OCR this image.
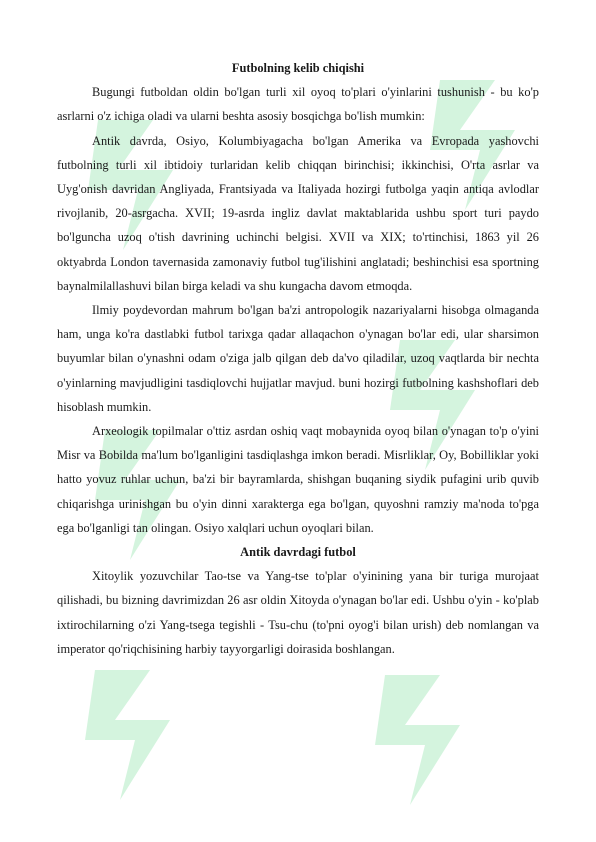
Futbolning kelib chiqishi

Bugungi futboldan oldin bo'lgan turli xil oyoq to'plari o'yinlarini tushunish - bu ko'p asrlarni o'z ichiga oladi va ularni beshta asosiy bosqichga bo'lish mumkin:

Antik davrda, Osiyo, Kolumbiyagacha bo'lgan Amerika va Evropada yashovchi futbolning turli xil ibtidoiy turlaridan kelib chiqqan birinchisi; ikkinchisi, O'rta asrlar va Uyg'onish davridan Angliyada, Frantsiyada va Italiyada hozirgi futbolga yaqin antiqa avlodlar rivojlanib, 20-asrgacha. XVII; 19-asrda ingliz davlat maktablarida ushbu sport turi paydo bo'lguncha uzoq o'tish davrining uchinchi belgisi. XVII va XIX; to'rtinchisi, 1863 yil 26 oktyabrda London tavernasida zamonaviy futbol tug'ilishini anglatadi; beshinchisi esa sportning baynalmilallashuvi bilan birga keladi va shu kungacha davom etmoqda.

Ilmiy poydevordan mahrum bo'lgan ba'zi antropologik nazariyalarni hisobga olmaganda ham, unga ko'ra dastlabki futbol tarixga qadar allaqachon o'ynagan bo'lar edi, ular sharsimon buyumlar bilan o'ynashni odam o'ziga jalb qilgan deb da'vo qiladilar, uzoq vaqtlarda bir nechta o'yinlarning mavjudligini tasdiqlovchi hujjatlar mavjud. buni hozirgi futbolning kashshoflari deb hisoblash mumkin.

Arxeologik topilmalar o'ttiz asrdan oshiq vaqt mobaynida oyoq bilan o'ynagan to'p o'yini Misr va Bobilda ma'lum bo'lganligini tasdiqlashga imkon beradi. Misrliklar, Oy, Bobilliklar yoki hatto yovuz ruhlar uchun, ba'zi bir bayramlarda, shishgan buqaning siydik pufagini urib quvib chiqarishga urinishgan bu o'yin dinni xarakterga ega bo'lgan, quyoshni ramziy ma'noda to'pga ega bo'lganligi tan olingan. Osiyo xalqlari uchun oyoqlari bilan.

Antik davrdagi futbol

Xitoylik yozuvchilar Tao-tse va Yang-tse to'plar o'yinining yana bir turiga murojaat qilishadi, bu bizning davrimizdan 26 asr oldin Xitoyda o'ynagan bo'lar edi. Ushbu o'yin - ko'plab ixtirochilarning o'zi Yang-tsega tegishli - Tsu-chu (to'pni oyog'i bilan urish) deb nomlangan va imperator qo'riqchisining harbiy tayyorgarligi doirasida boshlangan.
